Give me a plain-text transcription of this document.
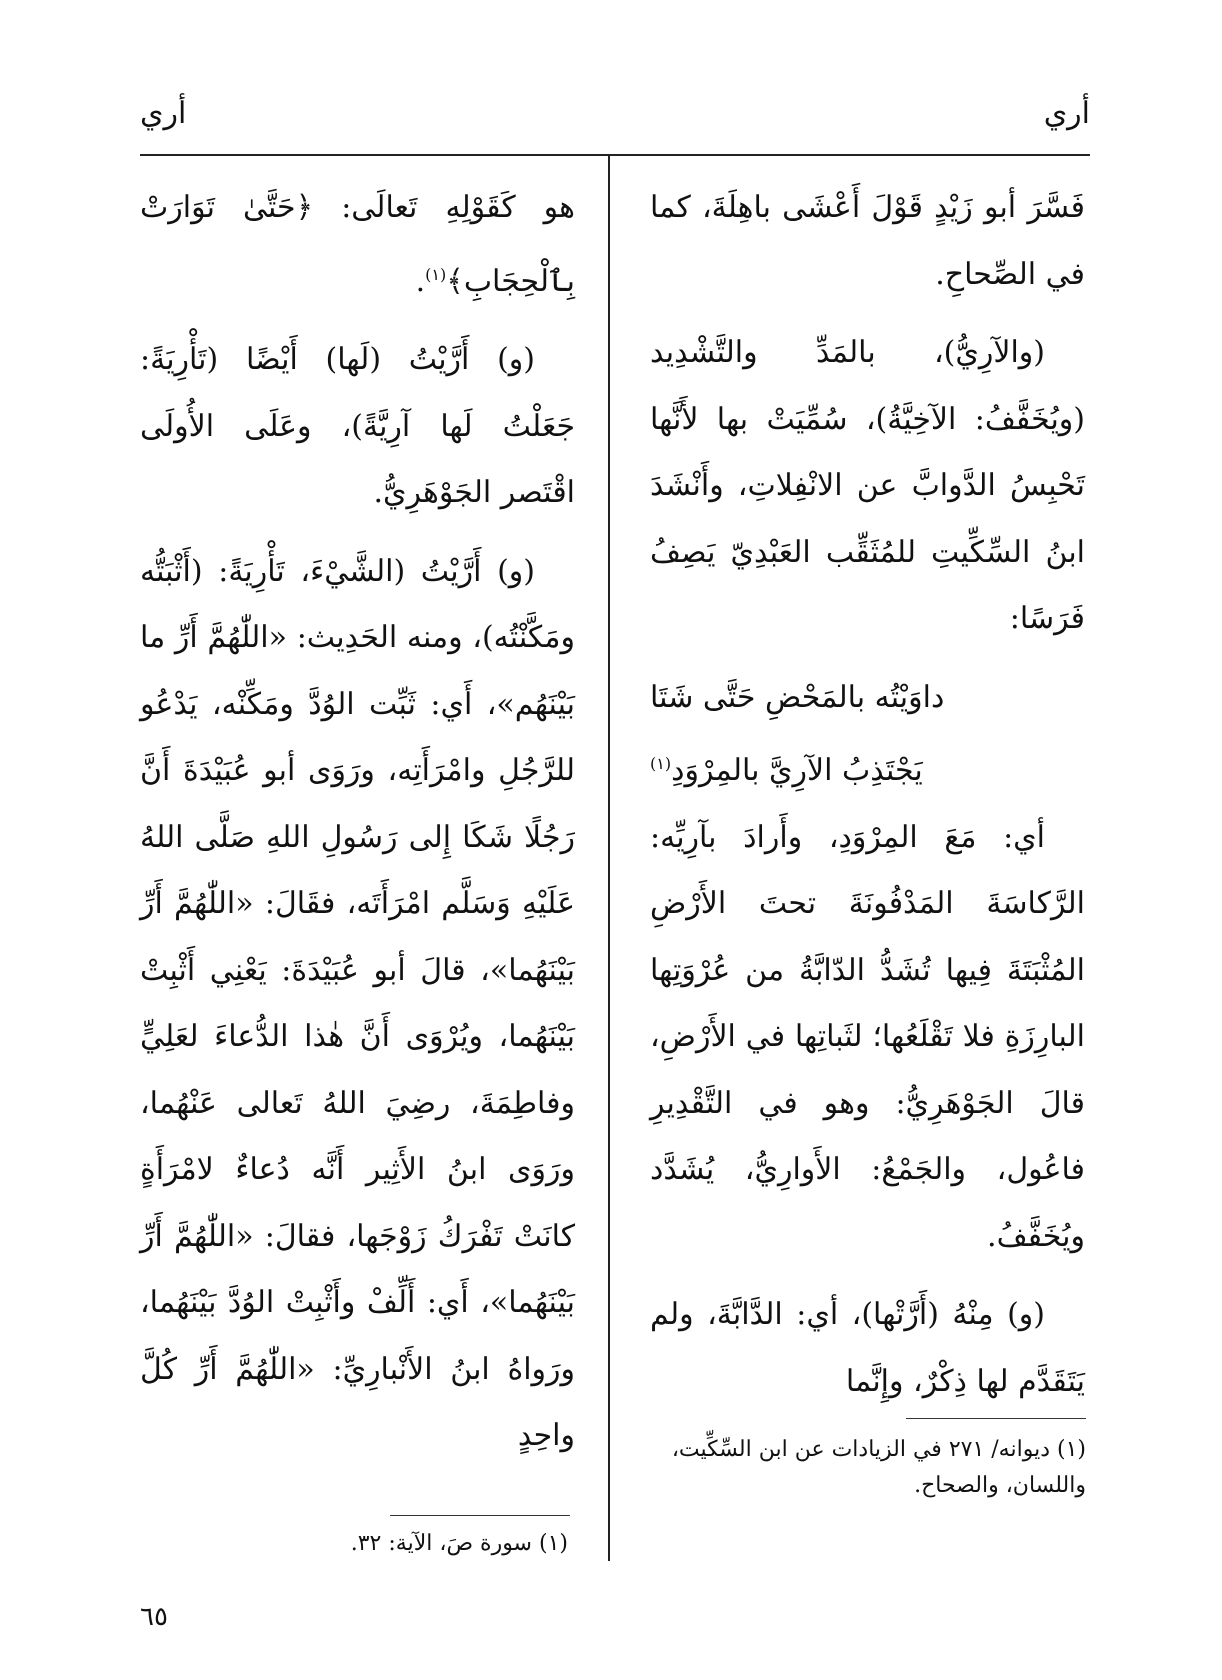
أري	أري

فَسَّرَ أبو زَيْدٍ قَوْلَ أَعْشَى باهِلَةَ، كما في الصِّحاحِ.

(والآرِيُّ)، بالمَدِّ والتَّشْدِيد (ويُخَفَّفُ: الآخِيَّةُ)، سُمِّيَتْ بها لأَنَّها تَحْبِسُ الدَّوابَّ عن الانْفِلاتِ، وأَنْشَدَ ابنُ السِّكِّيتِ للمُثَقِّب العَبْدِيّ يَصِفُ فَرَسًا:

داوَيْتُه بالمَحْضِ حَتَّى شَتَا
يَجْتَذِبُ الآرِيَّ بالمِرْوَدِ$^{(١)}$

أي: مَعَ المِرْوَدِ، وأَرادَ بآرِيِّه: الرَّكاسَةَ المَدْفُونَةَ تحتَ الأَرْضِ المُثْبَتَةَ فِيها تُشَدُّ الدّابَّةُ من عُرْوَتِها البارِزَةِ فلا تَقْلَعُها؛ لثَباتِها في الأَرْضِ، قالَ الجَوْهَرِيُّ: وهو في التَّقْدِيرِ فاعُول، والجَمْعُ: الأَوارِيُّ، يُشَدَّد ويُخَفَّفُ.

(و) مِنْهُ (أَرَّتْها)، أي: الدَّابَّةَ، ولم يَتَقَدَّم لها ذِكْرٌ، وإِنَّما

هو كَقَوْلِهِ تَعالَى: ﴿حَتَّىٰ تَوَارَتْ بِٱلْحِجَابِ﴾$^{(١)}$.

(و) أَرَّيْتُ (لَها) أَيْضًا (تَأْرِيَةً: جَعَلْتُ لَها آرِيَّةً)، وعَلَى الأُولَى اقْتَصر الجَوْهَرِيُّ.

(و) أَرَّيْتُ (الشَّيْءَ، تَأْرِيَةً: (أَثْبَتُّه ومَكَّنْتُه)، ومنه الحَدِيث: «اللّٰهُمَّ أَرِّ ما بَيْنَهُم»، أَي: ثَبِّت الوُدَّ ومَكِّنْه، يَدْعُو للرَّجُلِ وامْرَأَتِه، ورَوَى أبو عُبَيْدَةَ أَنَّ رَجُلًا شَكَا إِلى رَسُولِ اللهِ صَلَّى اللهُ عَلَيْهِ وَسَلَّم امْرَأَتَه، فقَالَ: «اللّٰهُمَّ أَرِّ بَيْنَهُما»، قالَ أبو عُبَيْدَةَ: يَعْنِي أَثْبِتْ بَيْنَهُما، ويُرْوَى أَنَّ هٰذا الدُّعاءَ لعَلِيٍّ وفاطِمَةَ، رضِيَ اللهُ تَعالى عَنْهُما، ورَوَى ابنُ الأَثِير أَنَّه دُعاءٌ لامْرَأَةٍ كانَتْ تَفْرَكُ زَوْجَها، فقالَ: «اللّٰهُمَّ أَرِّ بَيْنَهُما»، أَي: أَلِّفْ وأَثْبِتْ الوُدَّ بَيْنَهُما، ورَواهُ ابنُ الأَنْبارِيِّ: «اللّٰهُمَّ أَرِّ كُلَّ واحِدٍ	(١) ديوانه/ ٢٧١ في الزيادات عن ابن السِّكِّيت، واللسان، والصحاح.
(١) سورة صَ، الآية: ٣٢.
٦٥
